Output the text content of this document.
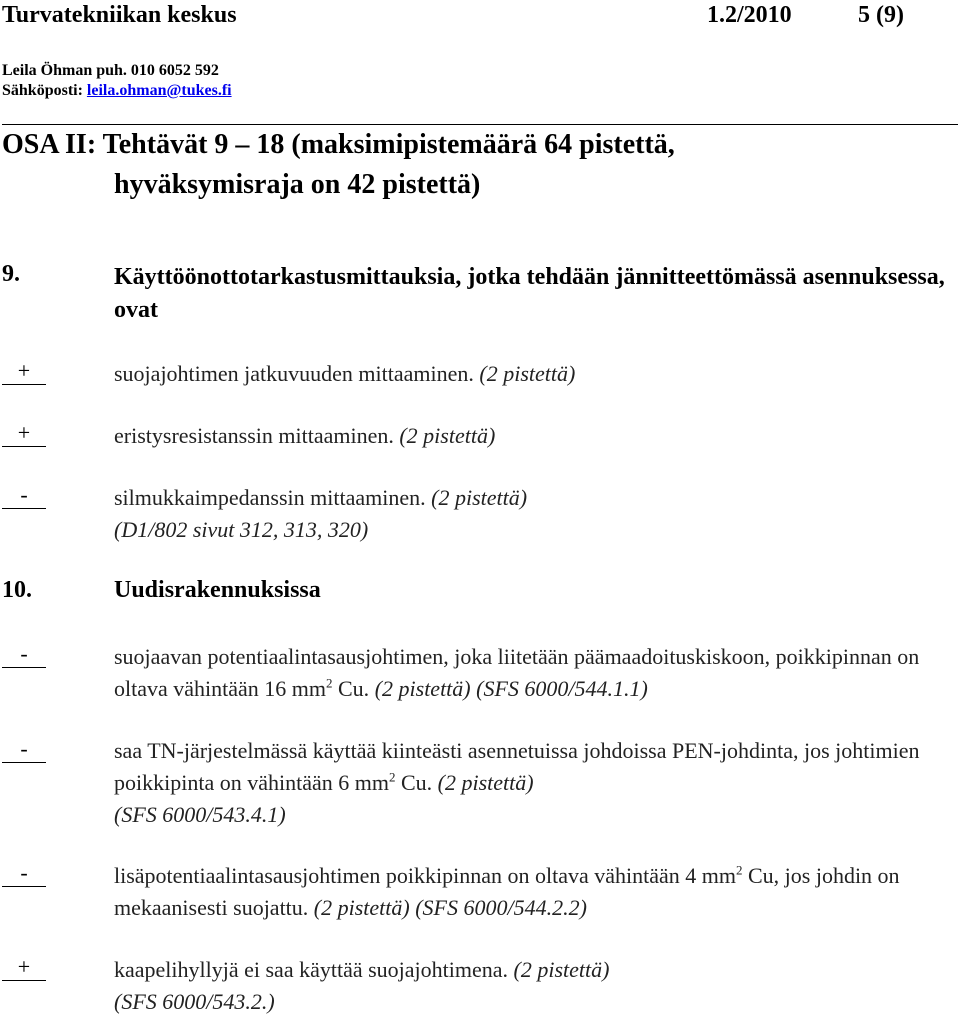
Turvatekniikan keskus	1.2/2010	5 (9)
Leila Öhman puh. 010 6052 592
Sähköposti: leila.ohman@tukes.fi
OSA II: Tehtävät 9 – 18 (maksimipistemäärä 64 pistettä,
hyväksymisraja on 42 pistettä)
9.	Käyttöönottotarkastusmittauksia, jotka tehdään jännitteettömässä asennuksessa, ovat
+	suojajohtimen jatkuvuuden mittaaminen. (2 pistettä)
+	eristysresistanssin mittaaminen. (2 pistettä)
-	silmukkaimpedanssin mittaaminen. (2 pistettä)
(D1/802 sivut 312, 313, 320)
10.	Uudisrakennuksissa
-	suojaavan potentiaalintasausjohtimen, joka liitetään päämaadoituskiskoon, poikkipinnan on oltava vähintään 16 $mm^2$ Cu. (2 pistettä) (SFS 6000/544.1.1)
-	saa TN-järjestelmässä käyttää kiinteästi asennetuissa johdoissa PEN-johdinta, jos johtimien poikkipinta on vähintään 6 $mm^2$ Cu. (2 pistettä)
(SFS 6000/543.4.1)
-	lisäpotentiaalintasausjohtimen poikkipinnan on oltava vähintään 4 $mm^2$ Cu, jos johdin on mekaanisesti suojattu. (2 pistettä) (SFS 6000/544.2.2)
+	kaapelihyllyjä ei saa käyttää suojajohtimena. (2 pistettä)
(SFS 6000/543.2.)
